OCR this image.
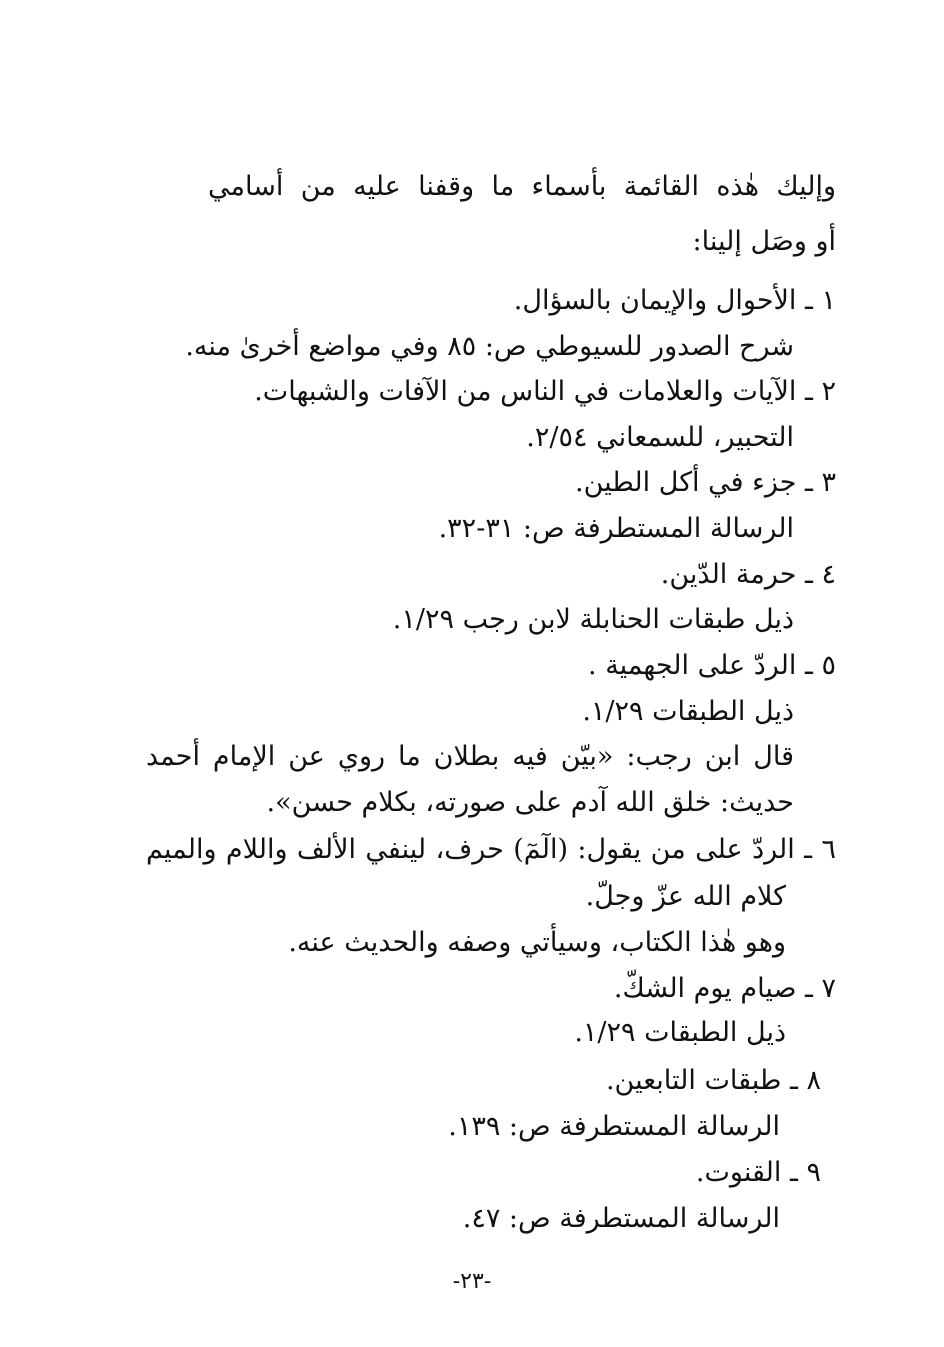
وإليك هٰذه القائمة بأسماء ما وقفنا عليه من أسامي
أو وصَل إلينا:
١ ـ الأحوال والإيمان بالسؤال.
شرح الصدور للسيوطي ص: ٨٥ وفي مواضع أخرىٰ منه.
٢ ـ الآيات والعلامات في الناس من الآفات والشبهات.
التحبير، للسمعاني ٢/٥٤.
٣ ـ جزء في أكل الطين.
الرسالة المستطرفة ص: ٣١-٣٢.
٤ ـ حرمة الدّين.
ذيل طبقات الحنابلة لابن رجب ١/٢٩.
٥ ـ الردّ على الجهمية .
ذيل الطبقات ١/٢٩.
قال ابن رجب: «بيّن فيه بطلان ما روي عن الإمام أحمد
حديث: خلق الله آدم على صورته، بكلام حسن».
٦ ـ الردّ على من يقول: (الٓمٓ) حرف، لينفي الألف واللام والميم
كلام الله عزّ وجلّ.
وهو هٰذا الكتاب، وسيأتي وصفه والحديث عنه.
٧ ـ صيام يوم الشكّ.
ذيل الطبقات ١/٢٩.
٨ ـ طبقات التابعين.
الرسالة المستطرفة ص: ١٣٩.
٩ ـ القنوت.
الرسالة المستطرفة ص: ٤٧.
-٢٣-
